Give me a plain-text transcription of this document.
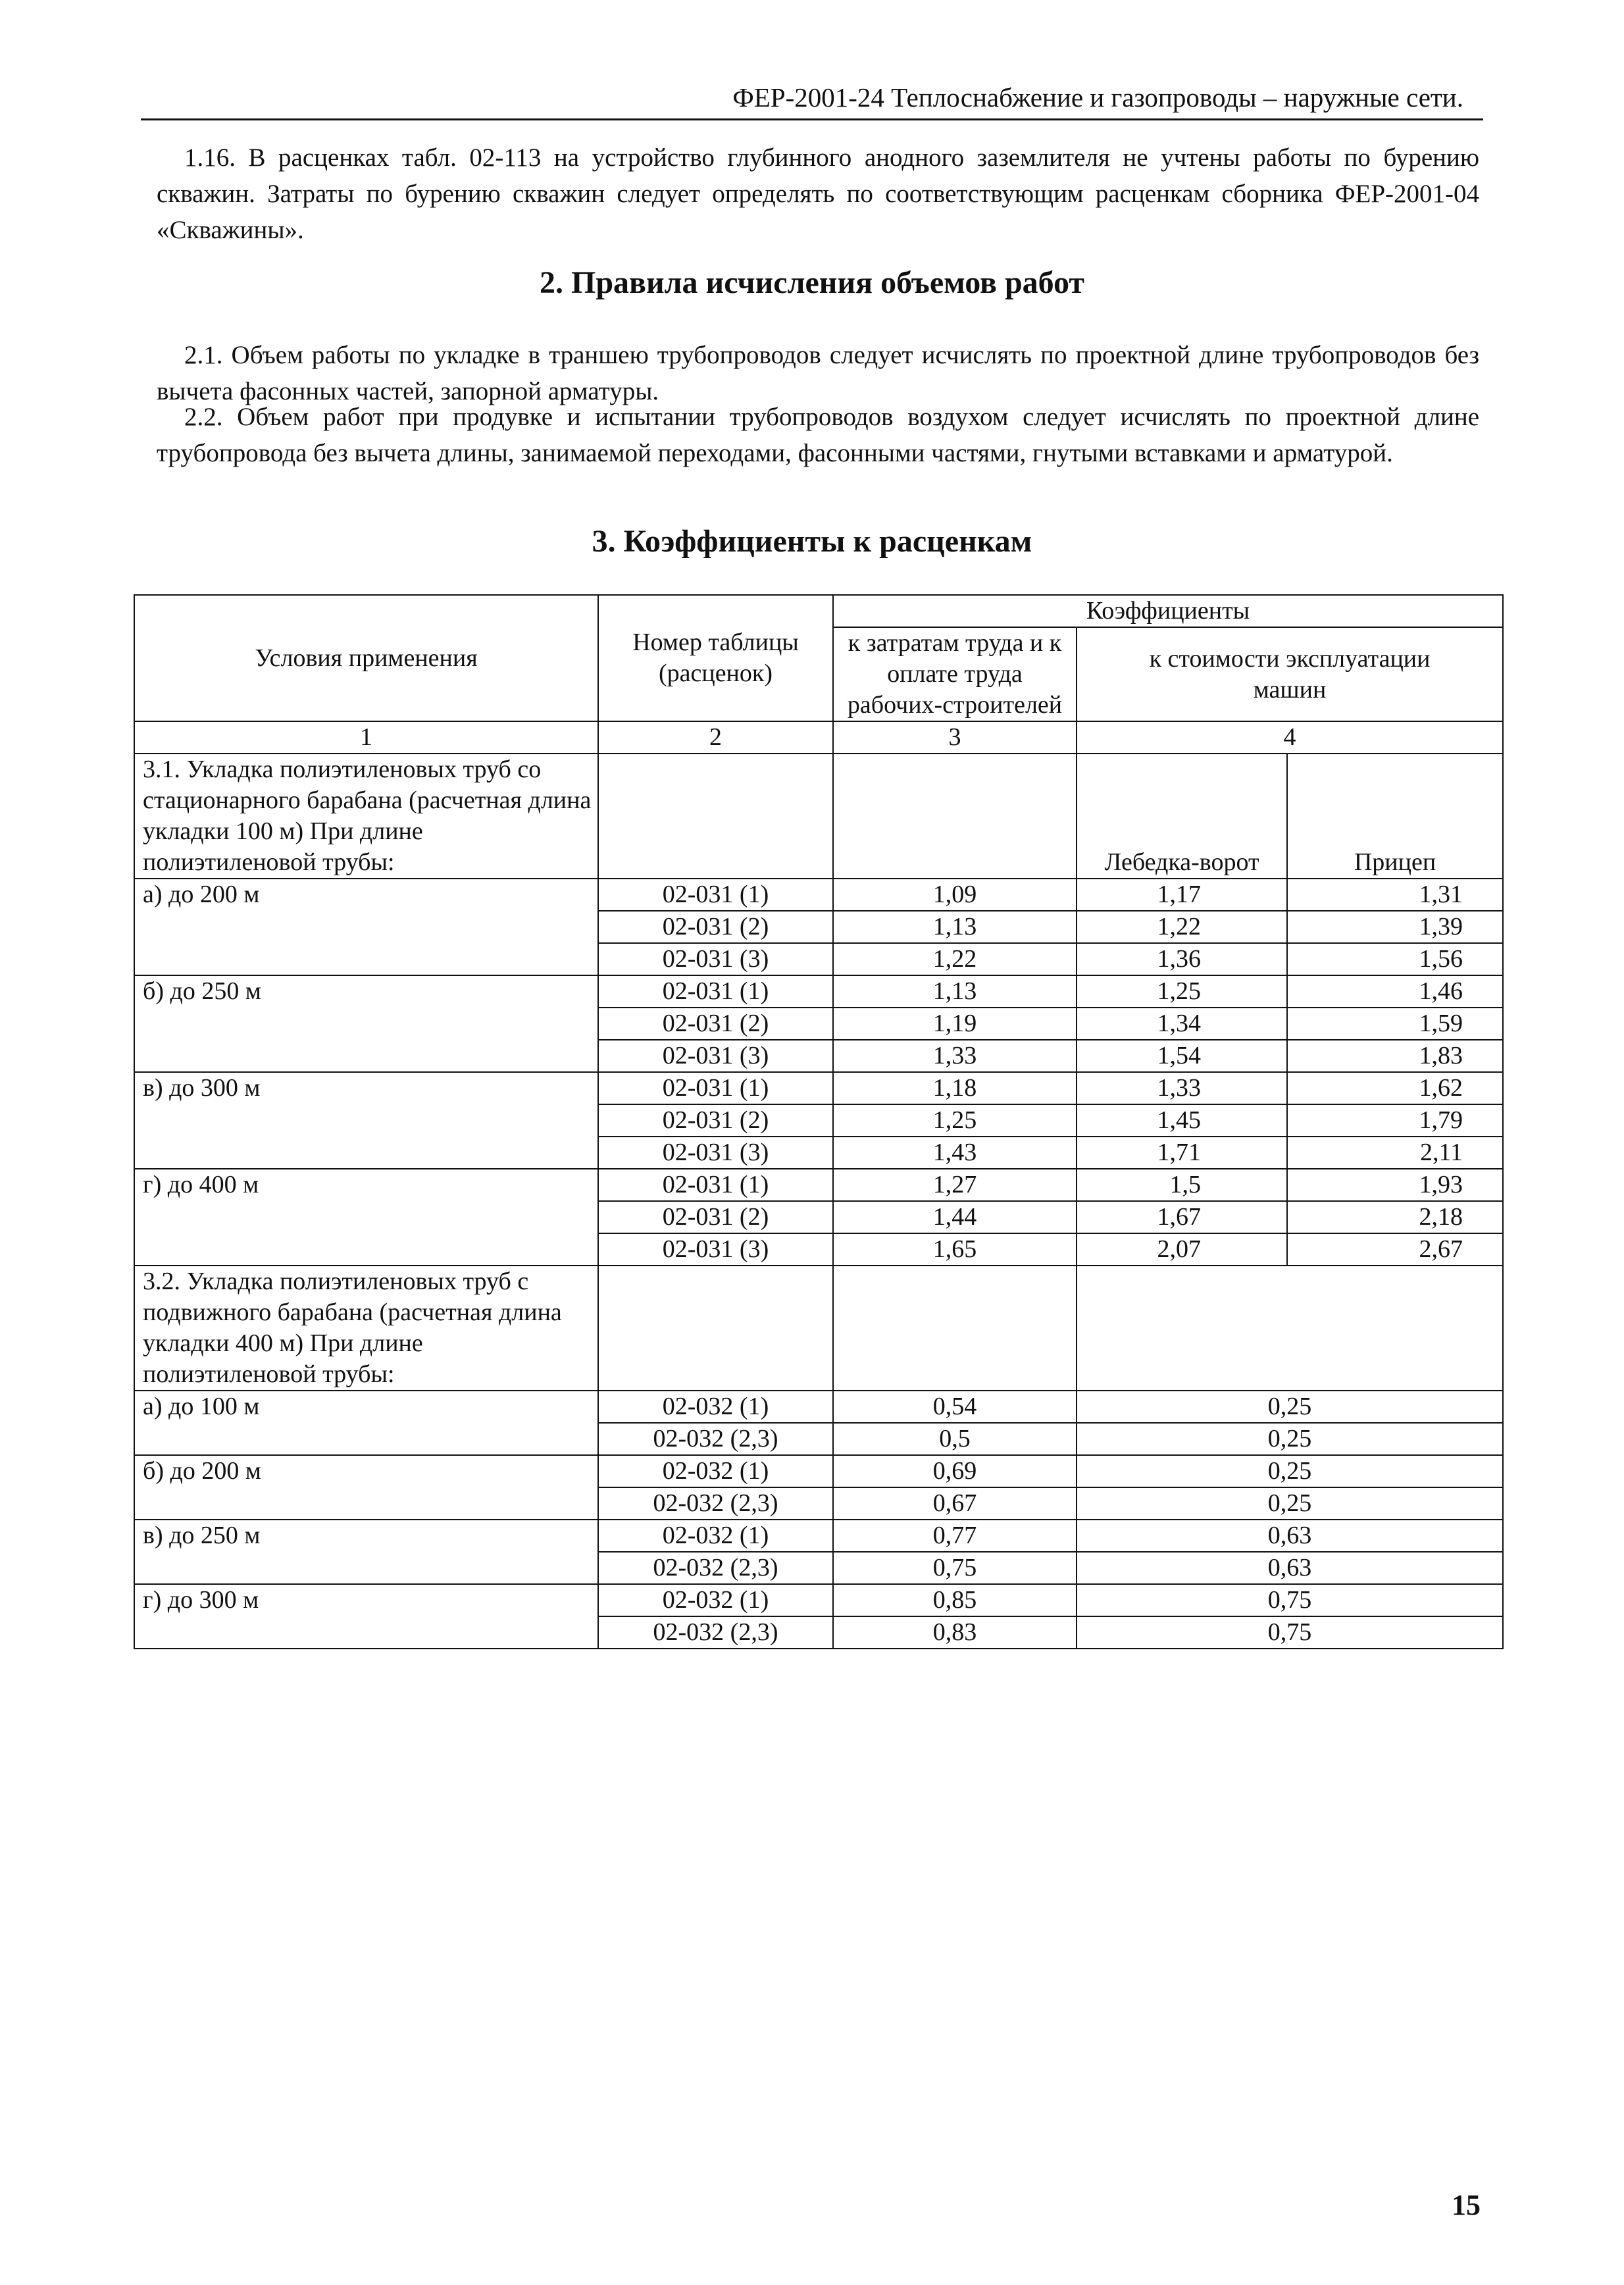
ФЕР-2001-24 Теплоснабжение и газопроводы – наружные сети.

1.16. В расценках табл. 02-113 на устройство глубинного анодного заземлителя не учтены работы по бурению скважин. Затраты по бурению скважин следует определять по соответствующим расценкам сборника ФЕР-2001-04 «Скважины».

2. Правила исчисления объемов работ

2.1. Объем работы по укладке в траншею трубопроводов следует исчислять по проектной длине трубопроводов без вычета фасонных частей, запорной арматуры.

2.2. Объем работ при продувке и испытании трубопроводов воздухом следует исчислять по проектной длине трубопровода без вычета длины, занимаемой переходами, фасонными частями, гнутыми вставками и арматурой.

3. Коэффициенты к расценкам
Условия применения	Номер таблицы (расценок)	Коэффициенты		
		к затратам труда и к оплате труда рабочих-строителей	к стоимости эксплуатации машин	
1	2	3	4	
3.1. Укладка полиэтиленовых труб со стационарного барабана (расчетная длина укладки 100 м) При длине полиэтиленовой трубы:			Лебедка-ворот	Прицеп
а) до 200 м	02-031 (1)	1,09	1,17	1,31
	02-031 (2)	1,13	1,22	1,39
	02-031 (3)	1,22	1,36	1,56
б) до 250 м	02-031 (1)	1,13	1,25	1,46
	02-031 (2)	1,19	1,34	1,59
	02-031 (3)	1,33	1,54	1,83
в) до 300 м	02-031 (1)	1,18	1,33	1,62
	02-031 (2)	1,25	1,45	1,79
	02-031 (3)	1,43	1,71	2,11
г) до 400 м	02-031 (1)	1,27	1,5	1,93
	02-031 (2)	1,44	1,67	2,18
	02-031 (3)	1,65	2,07	2,67
3.2. Укладка полиэтиленовых труб с подвижного барабана (расчетная длина укладки 400 м) При длине полиэтиленовой трубы:				
а) до 100 м	02-032 (1)	0,54	0,25	
	02-032 (2,3)	0,5	0,25	
б) до 200 м	02-032 (1)	0,69	0,25	
	02-032 (2,3)	0,67	0,25	
в) до 250 м	02-032 (1)	0,77	0,63	
	02-032 (2,3)	0,75	0,63	
г) до 300 м	02-032 (1)	0,85	0,75	
	02-032 (2,3)	0,83	0,75	
15
